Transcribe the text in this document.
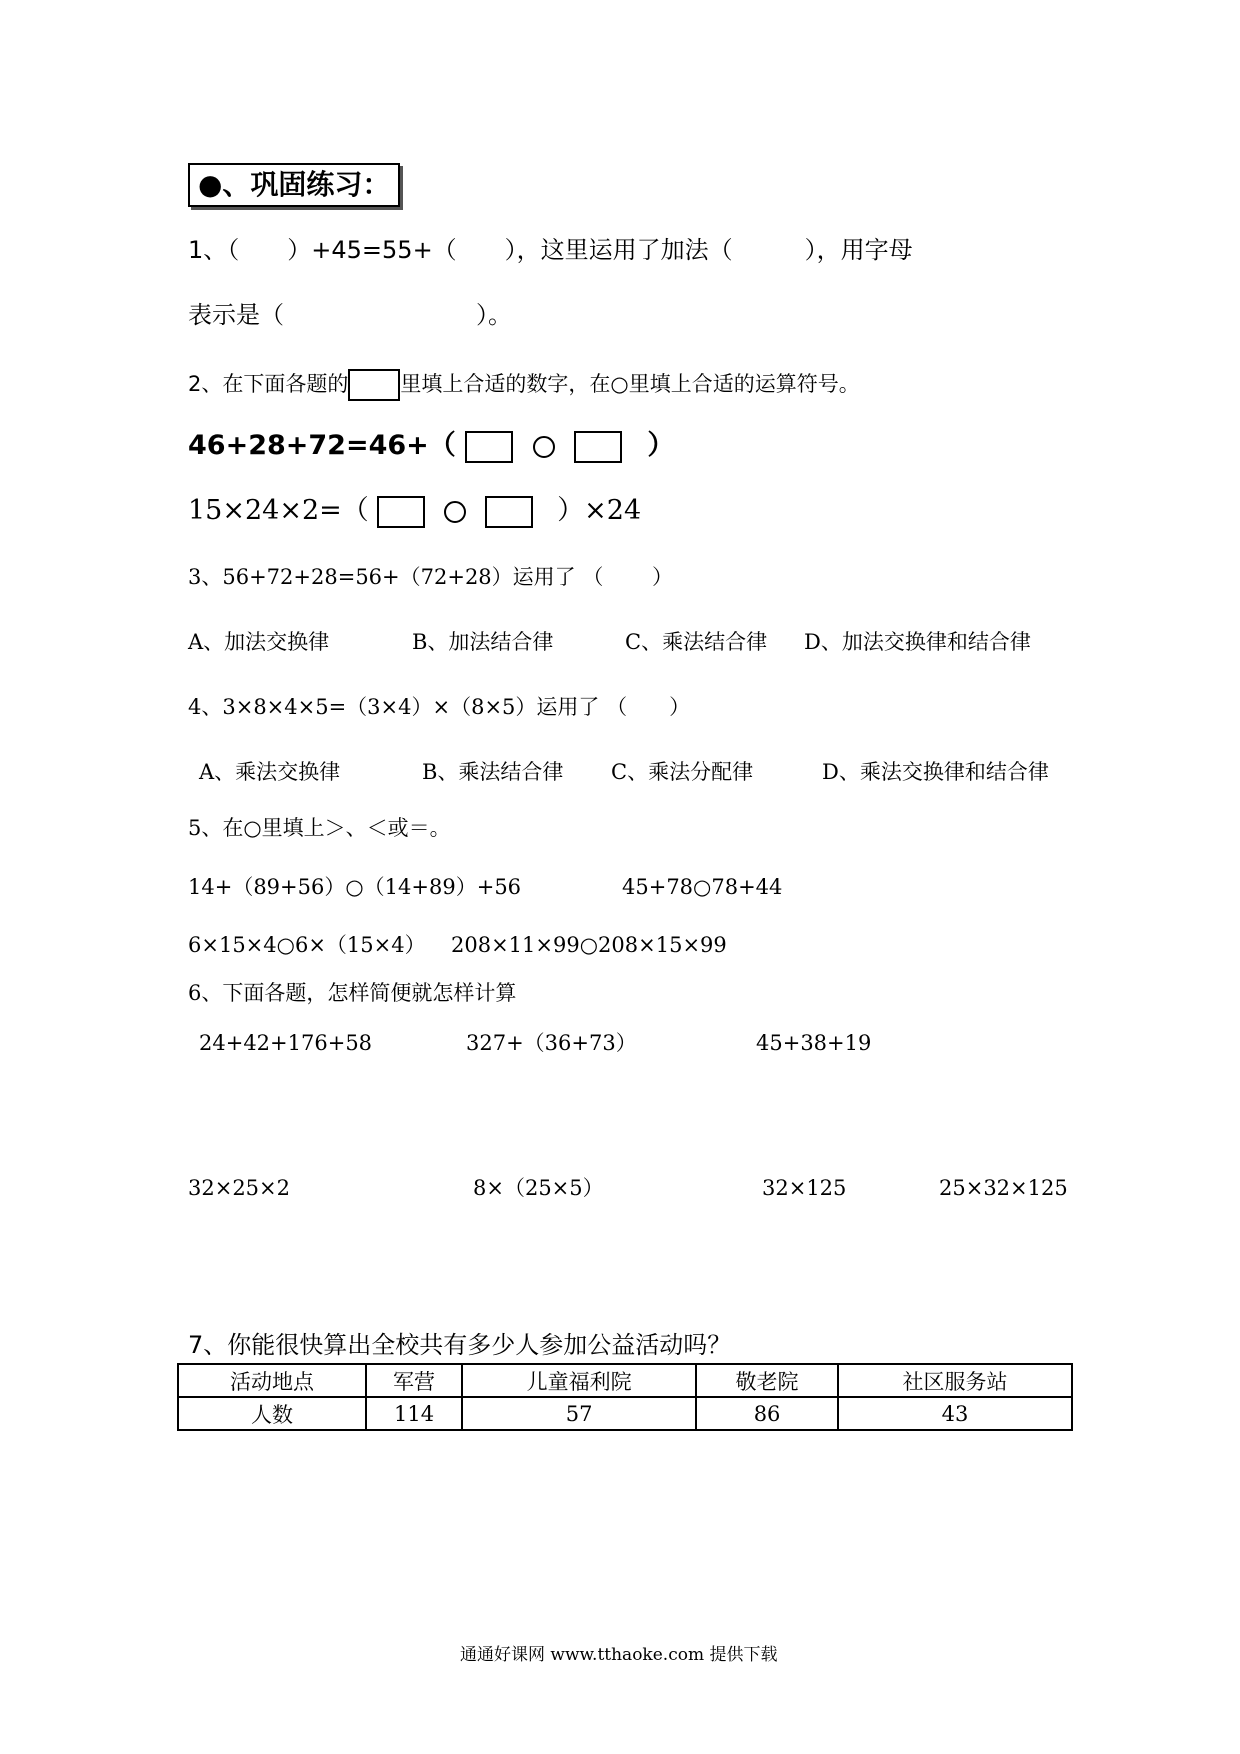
●、巩固练习：
1、（　　）+45=55+（　　），这里运用了加法（　　　），用字母
表示是（　　　　　　　　）。
2、在下面各题的 里填上合适的数字，在○里填上合适的运算符号。
46+28+72=46+（	）
15×24×2=（	）×24
3、56+72+28=56+（72+28）运用了 （　　 ）
A、加法交换律	B、加法结合律	C、乘法结合律 D、加法交换律和结合律
4、3×8×4×5=（3×4）×（8×5）运用了 （　　）
A、乘法交换律	B、乘法结合律 C、乘法分配律	D、乘法交换律和结合律
5、在○里填上＞、＜或＝。
14+（89+56）○（14+89）+56	45+78○78+44
6×15×4○6×（15×4） 208×11×99○208×15×99
6、下面各题，怎样简便就怎样计算
24+42+176+58	327+（36+73）	45+38+19
32×25×2	8×（25×5）	32×125	25×32×125
7、你能很快算出全校共有多少人参加公益活动吗？
活动地点	军营	儿童福利院	敬老院	社区服务站
人数	114	57	86	43
通通好课网 www.tthaoke.com 提供下载
